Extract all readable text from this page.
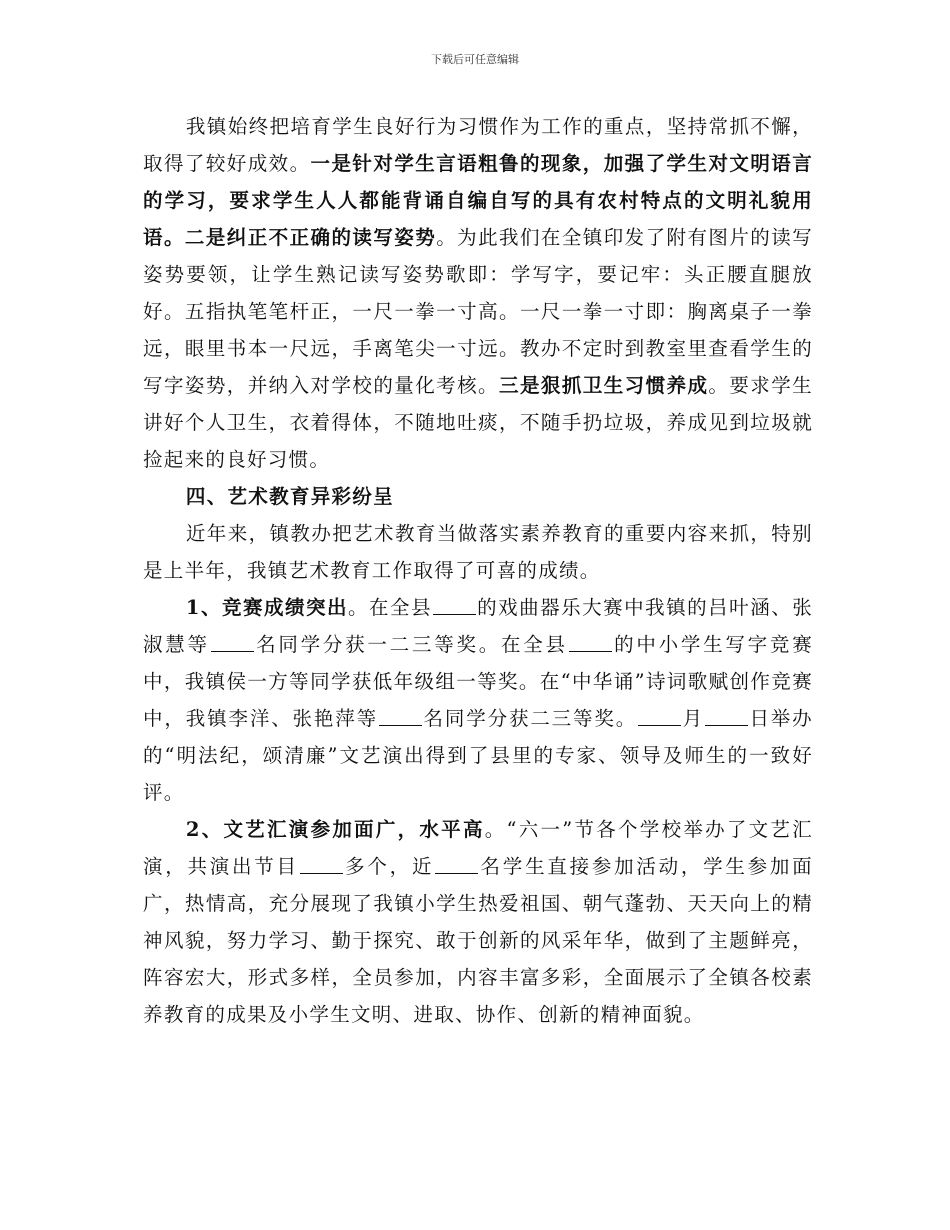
下载后可任意编辑

我镇始终把培育学生良好行为习惯作为工作的重点，坚持常抓不懈，取得了较好成效。一是针对学生言语粗鲁的现象，加强了学生对文明语言的学习，要求学生人人都能背诵自编自写的具有农村特点的文明礼貌用语。二是纠正不正确的读写姿势。为此我们在全镇印发了附有图片的读写姿势要领，让学生熟记读写姿势歌即：学写字，要记牢：头正腰直腿放好。五指执笔笔杆正，一尺一拳一寸高。一尺一拳一寸即：胸离桌子一拳远，眼里书本一尺远，手离笔尖一寸远。教办不定时到教室里查看学生的写字姿势，并纳入对学校的量化考核。三是狠抓卫生习惯养成。要求学生讲好个人卫生，衣着得体，不随地吐痰，不随手扔垃圾，养成见到垃圾就捡起来的良好习惯。

四、艺术教育异彩纷呈

近年来，镇教办把艺术教育当做落实素养教育的重要内容来抓，特别是上半年，我镇艺术教育工作取得了可喜的成绩。

1、竞赛成绩突出。在全县 的戏曲器乐大赛中我镇的吕叶涵、张淑慧等 名同学分获一二三等奖。在全县 的中小学生写字竞赛中，我镇侯一方等同学获低年级组一等奖。在“中华诵”诗词歌赋创作竞赛中，我镇李洋、张艳萍等 名同学分获二三等奖。 月 日举办的“明法纪，颂清廉”文艺演出得到了县里的专家、领导及师生的一致好评。

2、文艺汇演参加面广，水平高。“六一”节各个学校举办了文艺汇演，共演出节目 多个，近 名学生直接参加活动，学生参加面广，热情高，充分展现了我镇小学生热爱祖国、朝气蓬勃、天天向上的精神风貌，努力学习、勤于探究、敢于创新的风采年华，做到了主题鲜亮，阵容宏大，形式多样，全员参加，内容丰富多彩，全面展示了全镇各校素养教育的成果及小学生文明、进取、协作、创新的精神面貌。
